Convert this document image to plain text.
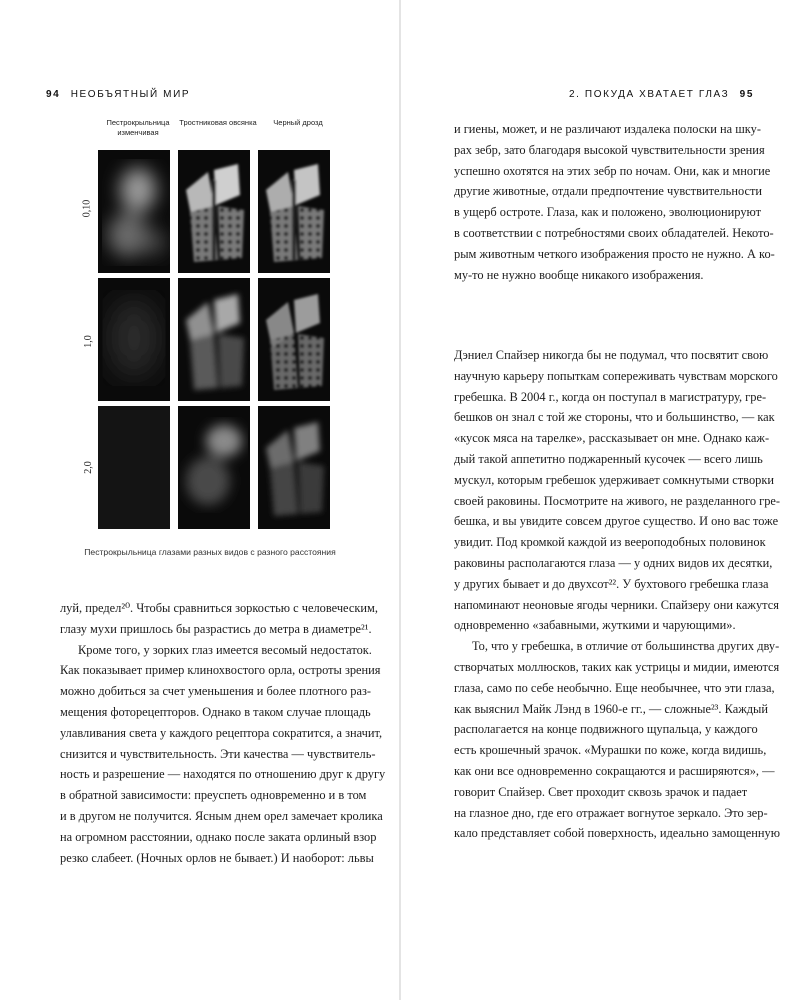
94 НЕОБЪЯТНЫЙ МИР	2. ПОКУДА ХВАТАЕТ ГЛАЗ 95
Пестрокрыльница изменчивая
Тростниковая овсянка	Черный дрозд
0,10
1,0
2,0
Пестрокрыльница глазами разных видов с разного расстояния
луй, предел²⁰. Чтобы сравниться зоркостью с человеческим,
глазу мухи пришлось бы разрастись до метра в диаметре²¹.
Кроме того, у зорких глаз имеется весомый недостаток.
Как показывает пример клинохвостого орла, остроты зрения
можно добиться за счет уменьшения и более плотного раз-
мещения фоторецепторов. Однако в таком случае площадь
улавливания света у каждого рецептора сократится, а значит,
снизится и чувствительность. Эти качества — чувствитель-
ность и разрешение — находятся по отношению друг к другу
в обратной зависимости: преуспеть одновременно и в том
и в другом не получится. Ясным днем орел замечает кролика
на огромном расстоянии, однако после заката орлиный взор
резко слабеет. (Ночных орлов не бывает.) И наоборот: львы
и гиены, может, и не различают издалека полоски на шку-
рах зебр, зато благодаря высокой чувствительности зрения
успешно охотятся на этих зебр по ночам. Они, как и многие
другие животные, отдали предпочтение чувствительности
в ущерб остроте. Глаза, как и положено, эволюционируют
в соответствии с потребностями своих обладателей. Некото-
рым животным четкого изображения просто не нужно. А ко-
му-то не нужно вообще никакого изображения.
Дэниел Спайзер никогда бы не подумал, что посвятит свою
научную карьеру попыткам сопереживать чувствам морского
гребешка. В 2004 г., когда он поступал в магистратуру, гре-
бешков он знал с той же стороны, что и большинство, — как
«кусок мяса на тарелке», рассказывает он мне. Однако каж-
дый такой аппетитно поджаренный кусочек — всего лишь
мускул, которым гребешок удерживает сомкнутыми створки
своей раковины. Посмотрите на живого, не разделанного гре-
бешка, и вы увидите совсем другое существо. И оно вас тоже
увидит. Под кромкой каждой из веероподобных половинок
раковины располагаются глаза — у одних видов их десятки,
у других бывает и до двухсот²². У бухтового гребешка глаза
напоминают неоновые ягоды черники. Спайзеру они кажутся
одновременно «забавными, жуткими и чарующими».
То, что у гребешка, в отличие от большинства других дву-
створчатых моллюсков, таких как устрицы и мидии, имеются
глаза, само по себе необычно. Еще необычнее, что эти глаза,
как выяснил Майк Лэнд в 1960-е гг., — сложные²³. Каждый
располагается на конце подвижного щупальца, у каждого
есть крошечный зрачок. «Мурашки по коже, когда видишь,
как они все одновременно сокращаются и расширяются», —
говорит Спайзер. Свет проходит сквозь зрачок и падает
на глазное дно, где его отражает вогнутое зеркало. Это зер-
кало представляет собой поверхность, идеально замощенную
